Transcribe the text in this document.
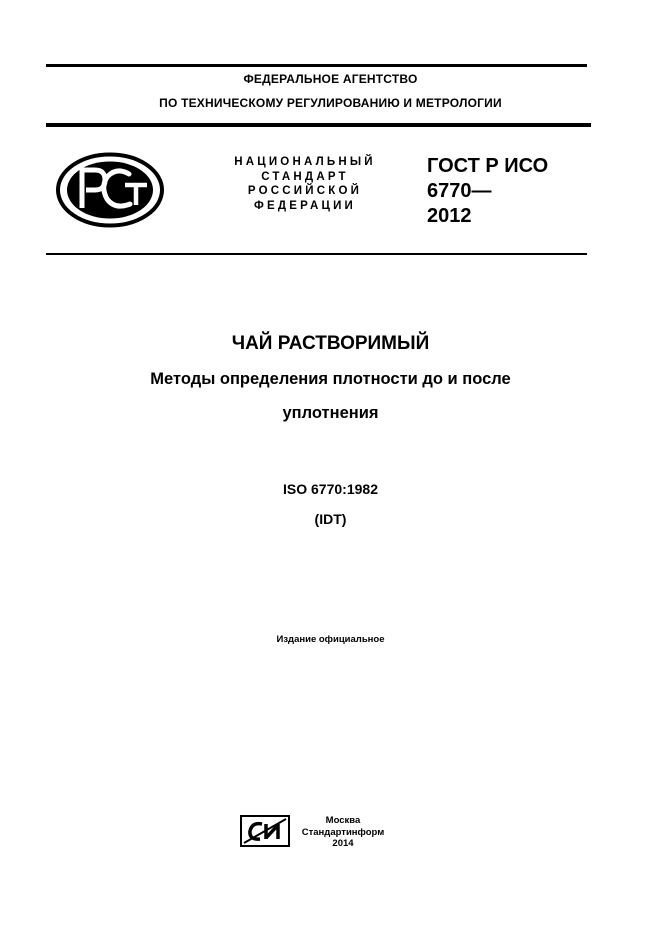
ФЕДЕРАЛЬНОЕ АГЕНТСТВО
ПО ТЕХНИЧЕСКОМУ РЕГУЛИРОВАНИЮ И МЕТРОЛОГИИ
НАЦИОНАЛЬНЫЙ
СТАНДАРТ
РОССИЙСКОЙ
ФЕДЕРАЦИИ
ГОСТ Р ИСО
6770—
2012
ЧАЙ РАСТВОРИМЫЙ
Методы определения плотности до и после
уплотнения
ISO 6770:1982
(IDT)
Издание официальное
Москва
Стандартинформ
2014
